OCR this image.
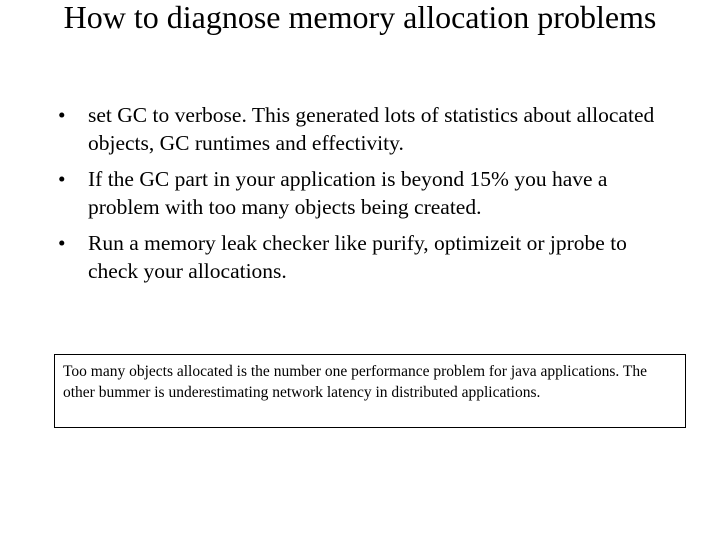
How to diagnose memory allocation problems
•	set GC to verbose. This generated lots of statistics about allocated objects, GC runtimes and effectivity.
•	If the GC part in your application is beyond 15% you have a problem with too many objects being created.
•	Run a memory leak checker like purify, optimizeit or jprobe to check your allocations.

Too many objects allocated is the number one performance problem for java applications. The other bummer is underestimating network latency in distributed applications.
